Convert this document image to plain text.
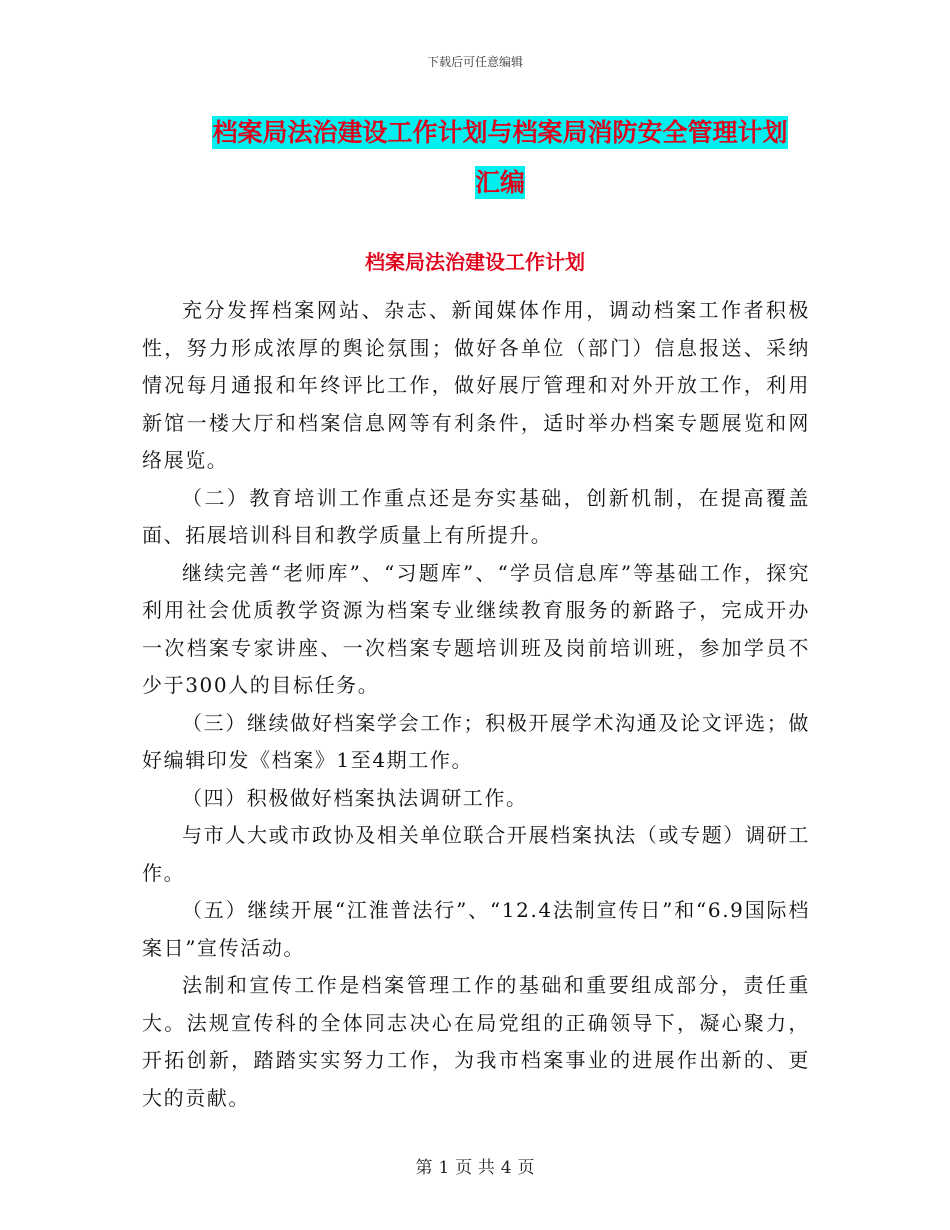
下载后可任意编辑
档案局法治建设工作计划与档案局消防安全管理计划
汇编
档案局法治建设工作计划

充分发挥档案网站、杂志、新闻媒体作用，调动档案工作者积极性，努力形成浓厚的舆论氛围；做好各单位（部门）信息报送、采纳情况每月通报和年终评比工作，做好展厅管理和对外开放工作，利用新馆一楼大厅和档案信息网等有利条件，适时举办档案专题展览和网络展览。

（二）教育培训工作重点还是夯实基础，创新机制，在提高覆盖面、拓展培训科目和教学质量上有所提升。

继续完善“老师库”、“习题库”、“学员信息库”等基础工作，探究利用社会优质教学资源为档案专业继续教育服务的新路子，完成开办一次档案专家讲座、一次档案专题培训班及岗前培训班，参加学员不少于300人的目标任务。

（三）继续做好档案学会工作；积极开展学术沟通及论文评选；做好编辑印发《档案》1至4期工作。

（四）积极做好档案执法调研工作。

与市人大或市政协及相关单位联合开展档案执法（或专题）调研工作。

（五）继续开展“江淮普法行”、“12.4法制宣传日”和“6.9国际档案日”宣传活动。

法制和宣传工作是档案管理工作的基础和重要组成部分，责任重大。法规宣传科的全体同志决心在局党组的正确领导下，凝心聚力，开拓创新，踏踏实实努力工作，为我市档案事业的进展作出新的、更大的贡献。

第 1 页 共 4 页
